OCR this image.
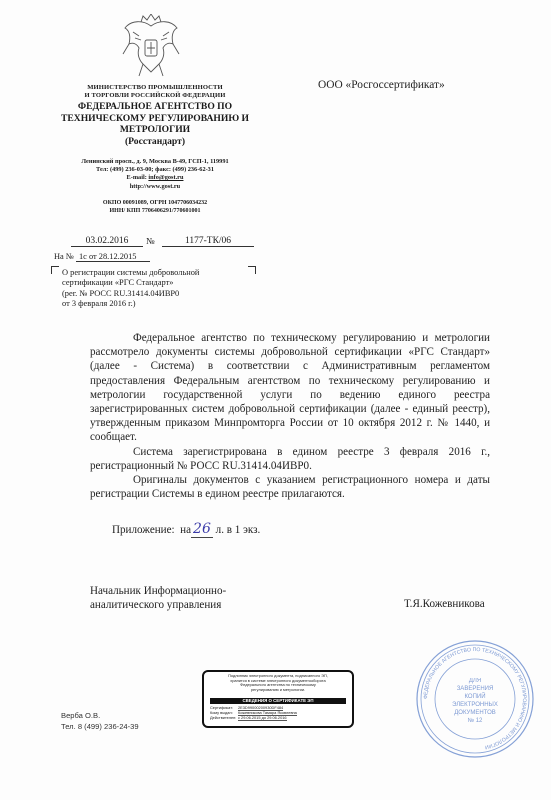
МИНИСТЕРСТВО ПРОМЫШЛЕННОСТИ
И ТОРГОВЛИ РОССИЙСКОЙ ФЕДЕРАЦИИ
ФЕДЕРАЛЬНОЕ АГЕНТСТВО ПО
ТЕХНИЧЕСКОМУ РЕГУЛИРОВАНИЮ И
МЕТРОЛОГИИ
(Росстандарт)
Ленинский просп., д. 9, Москва В-49, ГСП-1, 119991
Тел: (499) 236-03-00; факс: (499) 236-62-31
E-mail: info@gost.ru
http://www.gost.ru
ОКПО 00091089, ОГРН 1047706034232
ИНН/ КПП 7706406291/770601001
ООО «Росгосcертификат»
03.02.2016	№	1177-ТК/06
На № 1с от 28.12.2015
О регистрации системы добровольной
сертификации «РГС Стандарт»
(рег. № РОСС RU.31414.04ИВР0
от 3 февраля 2016 г.)

Федеральное агентство по техническому регулированию и метрологии рассмотрело документы системы добровольной сертификации «РГС Стандарт» (далее - Система) в соответствии с Административным регламентом предоставления Федеральным агентством по техническому регулированию и метрологии государственной услуги по ведению единого реестра зарегистрированных систем добровольной сертификации (далее - единый реестр), утвержденным приказом Минпромторга России от 10 октября 2012 г. № 1440, и сообщает.

Система зарегистрирована в едином реестре 3 февраля 2016 г., регистрационный № РОСС RU.31414.04ИВР0.

Оригиналы документов с указанием регистрационного номера и даты регистрации Системы в едином реестре прилагаются.

Приложение: на 26 л. в 1 экз.
Начальник Информационно-
аналитического управления	Т.Я.Кожевникова
ФЕДЕРАЛЬНОЕ АГЕНТСТВО ПО ТЕХНИЧЕСКОМУ РЕГУЛИРОВАНИЮ И МЕТРОЛОГИИ
ДЛЯ
ЗАВЕРЕНИЯ
КОПИЙ
ЭЛЕКТРОННЫХ
ДОКУМЕНТОВ
№ 12
Подлинник электронного документа, подписанного ЭП,
хранится в системе электронного документооборота
Федерального агентства по техническому
регулированию и метрологии.
СВЕДЕНИЯ О СЕРТИФИКАТЕ ЭП
Сертификат: 2E3D99000200930DF484
Кому выдан: Кожевникова Тамара Яковлевна
Действителен: с 29.06.2015 до 29.06.2016
Верба О.В.
Тел. 8 (499) 236-24-39
